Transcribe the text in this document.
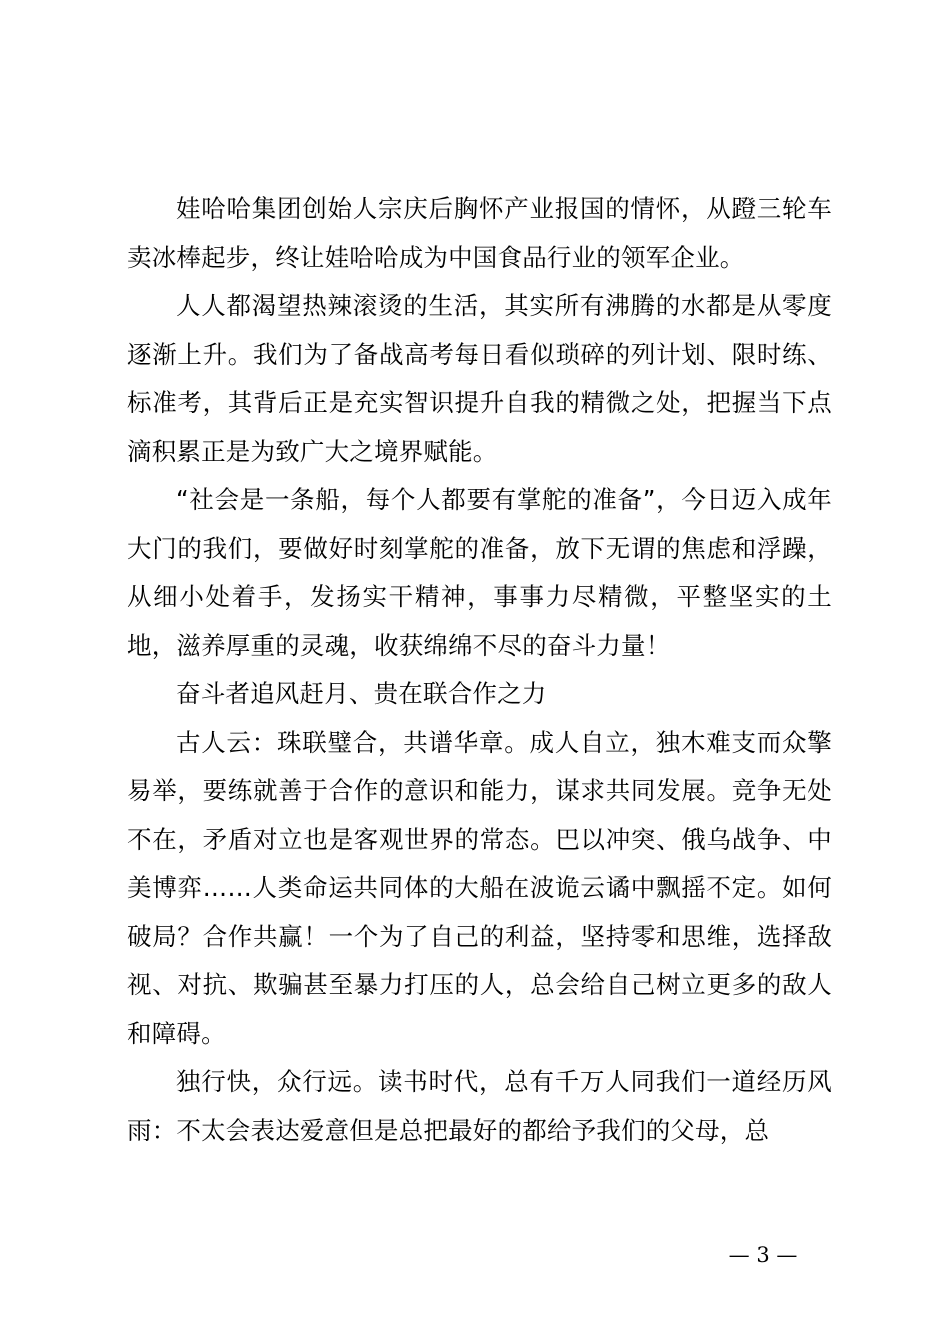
娃哈哈集团创始人宗庆后胸怀产业报国的情怀，从蹬三轮车卖冰棒起步，终让娃哈哈成为中国食品行业的领军企业。

人人都渴望热辣滚烫的生活，其实所有沸腾的水都是从零度逐渐上升。我们为了备战高考每日看似琐碎的列计划、限时练、标准考，其背后正是充实智识提升自我的精微之处，把握当下点滴积累正是为致广大之境界赋能。

“社会是一条船，每个人都要有掌舵的准备”，今日迈入成年大门的我们，要做好时刻掌舵的准备，放下无谓的焦虑和浮躁，从细小处着手，发扬实干精神，事事力尽精微，平整坚实的土地，滋养厚重的灵魂，收获绵绵不尽的奋斗力量！

奋斗者追风赶月、贵在联合作之力

古人云：珠联璧合，共谱华章。成人自立，独木难支而众擎易举，要练就善于合作的意识和能力，谋求共同发展。竞争无处不在，矛盾对立也是客观世界的常态。巴以冲突、俄乌战争、中美博弈……人类命运共同体的大船在波诡云谲中飘摇不定。如何破局？合作共赢！一个为了自己的利益，坚持零和思维，选择敌视、对抗、欺骗甚至暴力打压的人，总会给自己树立更多的敌人和障碍。

独行快，众行远。读书时代，总有千万人同我们一道经历风雨：不太会表达爱意但是总把最好的都给予我们的父母，总

— 3 —
